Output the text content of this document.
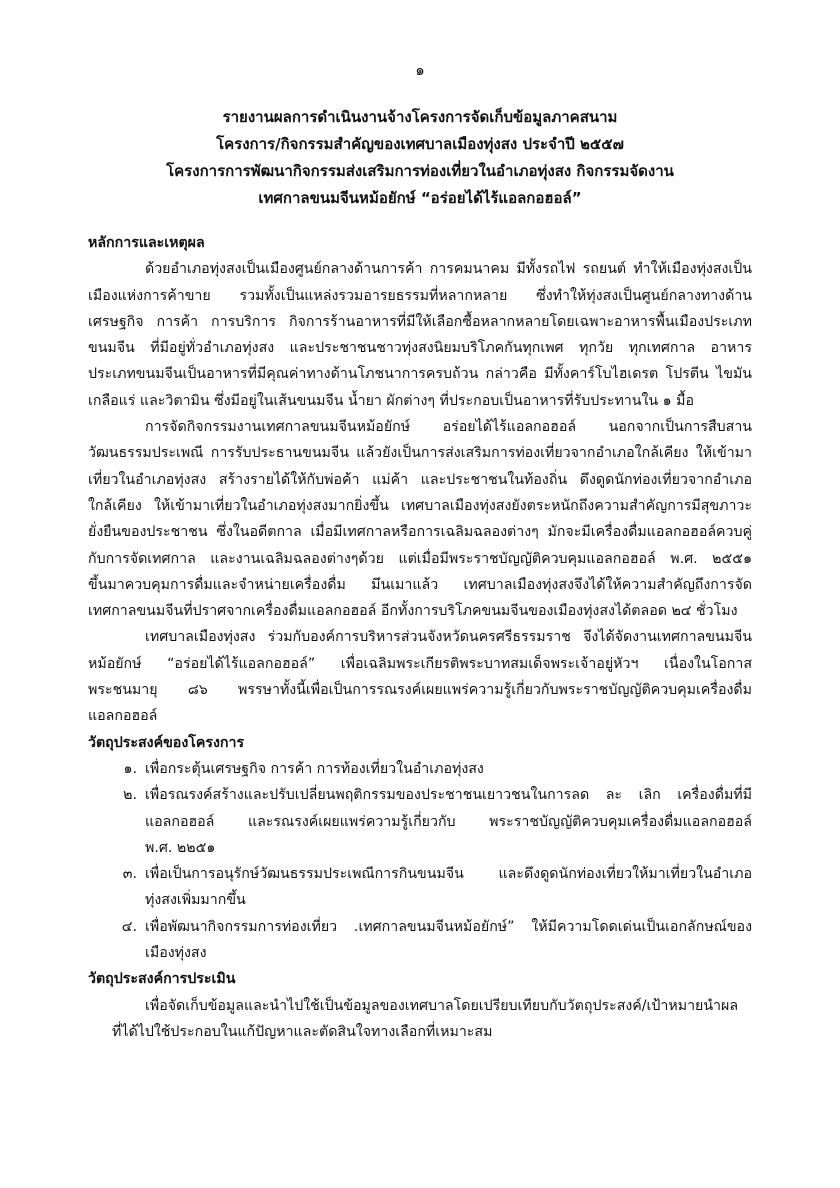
๑
รายงานผลการดำเนินงานจ้างโครงการจัดเก็บข้อมูลภาคสนาม
โครงการ/กิจกรรมสำคัญของเทศบาลเมืองทุ่งสง ประจำปี ๒๕๕๗
โครงการการพัฒนากิจกรรมส่งเสริมการท่องเที่ยวในอำเภอทุ่งสง กิจกรรมจัดงาน
เทศกาลขนมจีนหม้อยักษ์ “อร่อยได้ไร้แอลกอฮอล์”
หลักการและเหตุผล
ด้วยอำเภอทุ่งสงเป็นเมืองศูนย์กลางด้านการค้า การคมนาคม มีทั้งรถไฟ รถยนต์ ทำให้เมืองทุ่งสงเป็น
เมืองแห่งการค้าขาย รวมทั้งเป็นแหล่งรวมอารยธรรมที่หลากหลาย ซึ่งทำให้ทุ่งสงเป็นศูนย์กลางทางด้าน
เศรษฐกิจ การค้า การบริการ กิจการร้านอาหารที่มีให้เลือกซื้อหลากหลายโดยเฉพาะอาหารพื้นเมืองประเภท
ขนมจีน ที่มีอยู่ทั่วอำเภอทุ่งสง และประชาชนชาวทุ่งสงนิยมบริโภคกันทุกเพศ ทุกวัย ทุกเทศกาล อาหาร
ประเภทขนมจีนเป็นอาหารที่มีคุณค่าทางด้านโภชนาการครบถ้วน กล่าวคือ มีทั้งคาร์โบไฮเดรต โปรตีน ไขมัน
เกลือแร่ และวิตามิน ซึ่งมีอยู่ในเส้นขนมจีน น้ำยา ผักต่างๆ ที่ประกอบเป็นอาหารที่รับประทานใน ๑ มื้อ
การจัดกิจกรรมงานเทศกาลขนมจีนหม้อยักษ์ อร่อยได้ไร้แอลกอฮอล์ นอกจากเป็นการสืบสาน
วัฒนธรรมประเพณี การรับประธานขนมจีน แล้วยังเป็นการส่งเสริมการท่องเที่ยวจากอำเภอใกล้เคียง ให้เข้ามา
เที่ยวในอำเภอทุ่งสง สร้างรายได้ให้กับพ่อค้า แม่ค้า และประชาชนในท้องถิ่น ดึงดูดนักท่องเที่ยวจากอำเภอ
ใกล้เคียง ให้เข้ามาเที่ยวในอำเภอทุ่งสงมากยิ่งขึ้น เทศบาลเมืองทุ่งสงยังตระหนักถึงความสำคัญการมีสุขภาวะ
ยั่งยืนของประชาชน ซึ่งในอดีตกาล เมื่อมีเทศกาลหรือการเฉลิมฉลองต่างๆ มักจะมีเครื่องดื่มแอลกอฮอล์ควบคู่
กับการจัดเทศกาล และงานเฉลิมฉลองต่างๆด้วย แต่เมื่อมีพระราชบัญญัติควบคุมแอลกอฮอล์ พ.ศ. ๒๕๕๑
ขึ้นมาควบคุมการดื่มและจำหน่ายเครื่องดื่ม มึนเมาแล้ว เทศบาลเมืองทุ่งสงจึงได้ให้ความสำคัญถึงการจัด
เทศกาลขนมจีนที่ปราศจากเครื่องดื่มแอลกอฮอล์ อีกทั้งการบริโภคขนมจีนของเมืองทุ่งสงได้ตลอด ๒๔ ชั่วโมง
เทศบาลเมืองทุ่งสง ร่วมกับองค์การบริหารส่วนจังหวัดนครศรีธรรมราช จึงได้จัดงานเทศกาลขนมจีน
หม้อยักษ์ “อร่อยได้ไร้แอลกอฮอล์” เพื่อเฉลิมพระเกียรติพระบาทสมเด็จพระเจ้าอยู่หัวฯ เนื่องในโอกาส
พระชนมายุ ๘๖ พรรษาทั้งนี้เพื่อเป็นการรณรงค์เผยแพร่ความรู้เกี่ยวกับพระราชบัญญัติควบคุมเครื่องดื่ม
แอลกอฮอล์
วัตถุประสงค์ของโครงการ
๑. เพื่อกระตุ้นเศรษฐกิจ การค้า การท้องเที่ยวในอำเภอทุ่งสง
๒. เพื่อรณรงค์สร้างและปรับเปลี่ยนพฤติกรรมของประชาชนเยาวชนในการลด ละ เลิก เครื่องดื่มที่มี
แอลกอฮอล์ และรณรงค์เผยแพร่ความรู้เกี่ยวกับ พระราชบัญญัติควบคุมเครื่องดื่มแอลกอฮอล์
พ.ศ. ๒๒๕๑
๓. เพื่อเป็นการอนุรักษ์วัฒนธรรมประเพณีการกินขนมจีน และดึงดูดนักท่องเที่ยวให้มาเที่ยวในอำเภอ
ทุ่งสงเพิ่มมากขึ้น
๔. เพื่อพัฒนากิจกรรมการท่องเที่ยว .เทศกาลขนมจีนหม้อยักษ์” ให้มีความโดดเด่นเป็นเอกลักษณ์ของ
เมืองทุ่งสง
วัตถุประสงค์การประเมิน
เพื่อจัดเก็บข้อมูลและนำไปใช้เป็นข้อมูลของเทศบาลโดยเปรียบเทียบกับวัตถุประสงค์/เป้าหมายนำผล
ที่ได้ไปใช้ประกอบในแก้ปัญหาและตัดสินใจทางเลือกที่เหมาะสม
